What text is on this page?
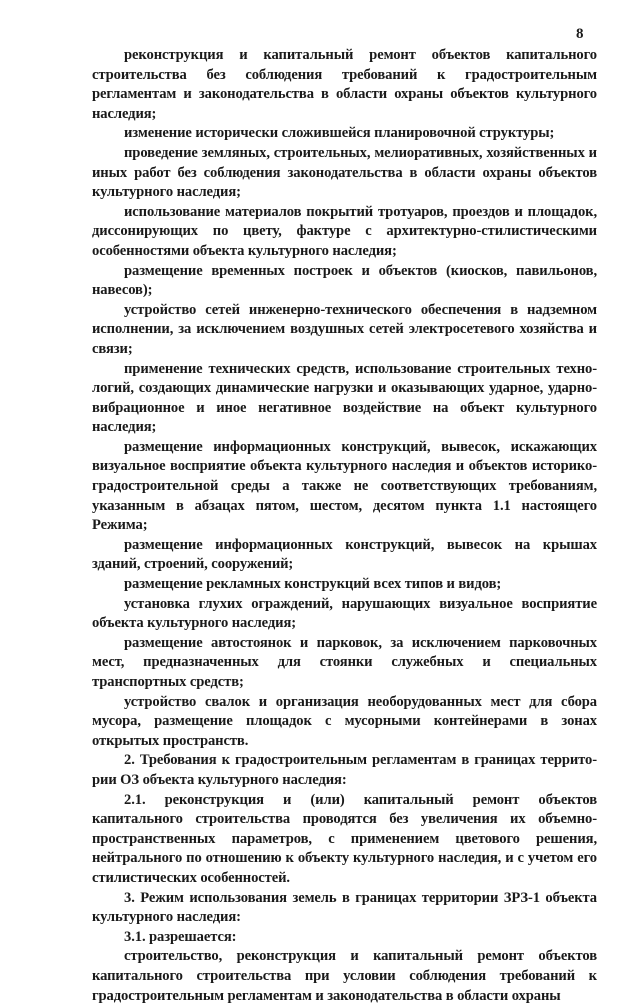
8

реконструкция и капитальный ремонт объектов капитального строительства без соблюдения требований к градостроительным регламентам и законодательства в области охраны объектов культурного наследия;

изменение исторически сложившейся планировочной структуры;

проведение земляных, строительных, мелиоративных, хозяйственных и иных работ без соблюдения законодательства в области охраны объектов культурного наследия;

использование материалов покрытий тротуаров, проездов и площадок, диссонирующих по цвету, фактуре с архитектурно-стилистическими особенностями объекта культурного наследия;

размещение временных построек и объектов (киосков, павильонов, навесов);

устройство сетей инженерно-технического обеспечения в надземном исполнении, за исключением воздушных сетей электросетевого хозяйства и связи;

применение технических средств, использование строительных техно-логий, создающих динамические нагрузки и оказывающих ударное, ударно-вибрационное и иное негативное воздействие на объект культурного наследия;

размещение информационных конструкций, вывесок, искажающих визуальное восприятие объекта культурного наследия и объектов историко-градостроительной среды а также не соответствующих требованиям, указанным в абзацах пятом, шестом, десятом пункта 1.1 настоящего Режима;

размещение информационных конструкций, вывесок на крышах зданий, строений, сооружений;

размещение рекламных конструкций всех типов и видов;

установка глухих ограждений, нарушающих визуальное восприятие объекта культурного наследия;

размещение автостоянок и парковок, за исключением парковочных мест, предназначенных для стоянки служебных и специальных транспортных средств;

устройство свалок и организация необорудованных мест для сбора мусора, размещение площадок с мусорными контейнерами в зонах открытых пространств.

2. Требования к градостроительным регламентам в границах террито-рии ОЗ объекта культурного наследия:

2.1. реконструкция и (или) капитальный ремонт объектов капитального строительства проводятся без увеличения их объемно-пространственных параметров, с применением цветового решения, нейтрального по отношению к объекту культурного наследия, и с учетом его стилистических особенностей.

3. Режим использования земель в границах территории ЗРЗ-1 объекта культурного наследия:

3.1. разрешается:

строительство, реконструкция и капитальный ремонт объектов капитального строительства при условии соблюдения требований к градостроительным регламентам и законодательства в области охраны
